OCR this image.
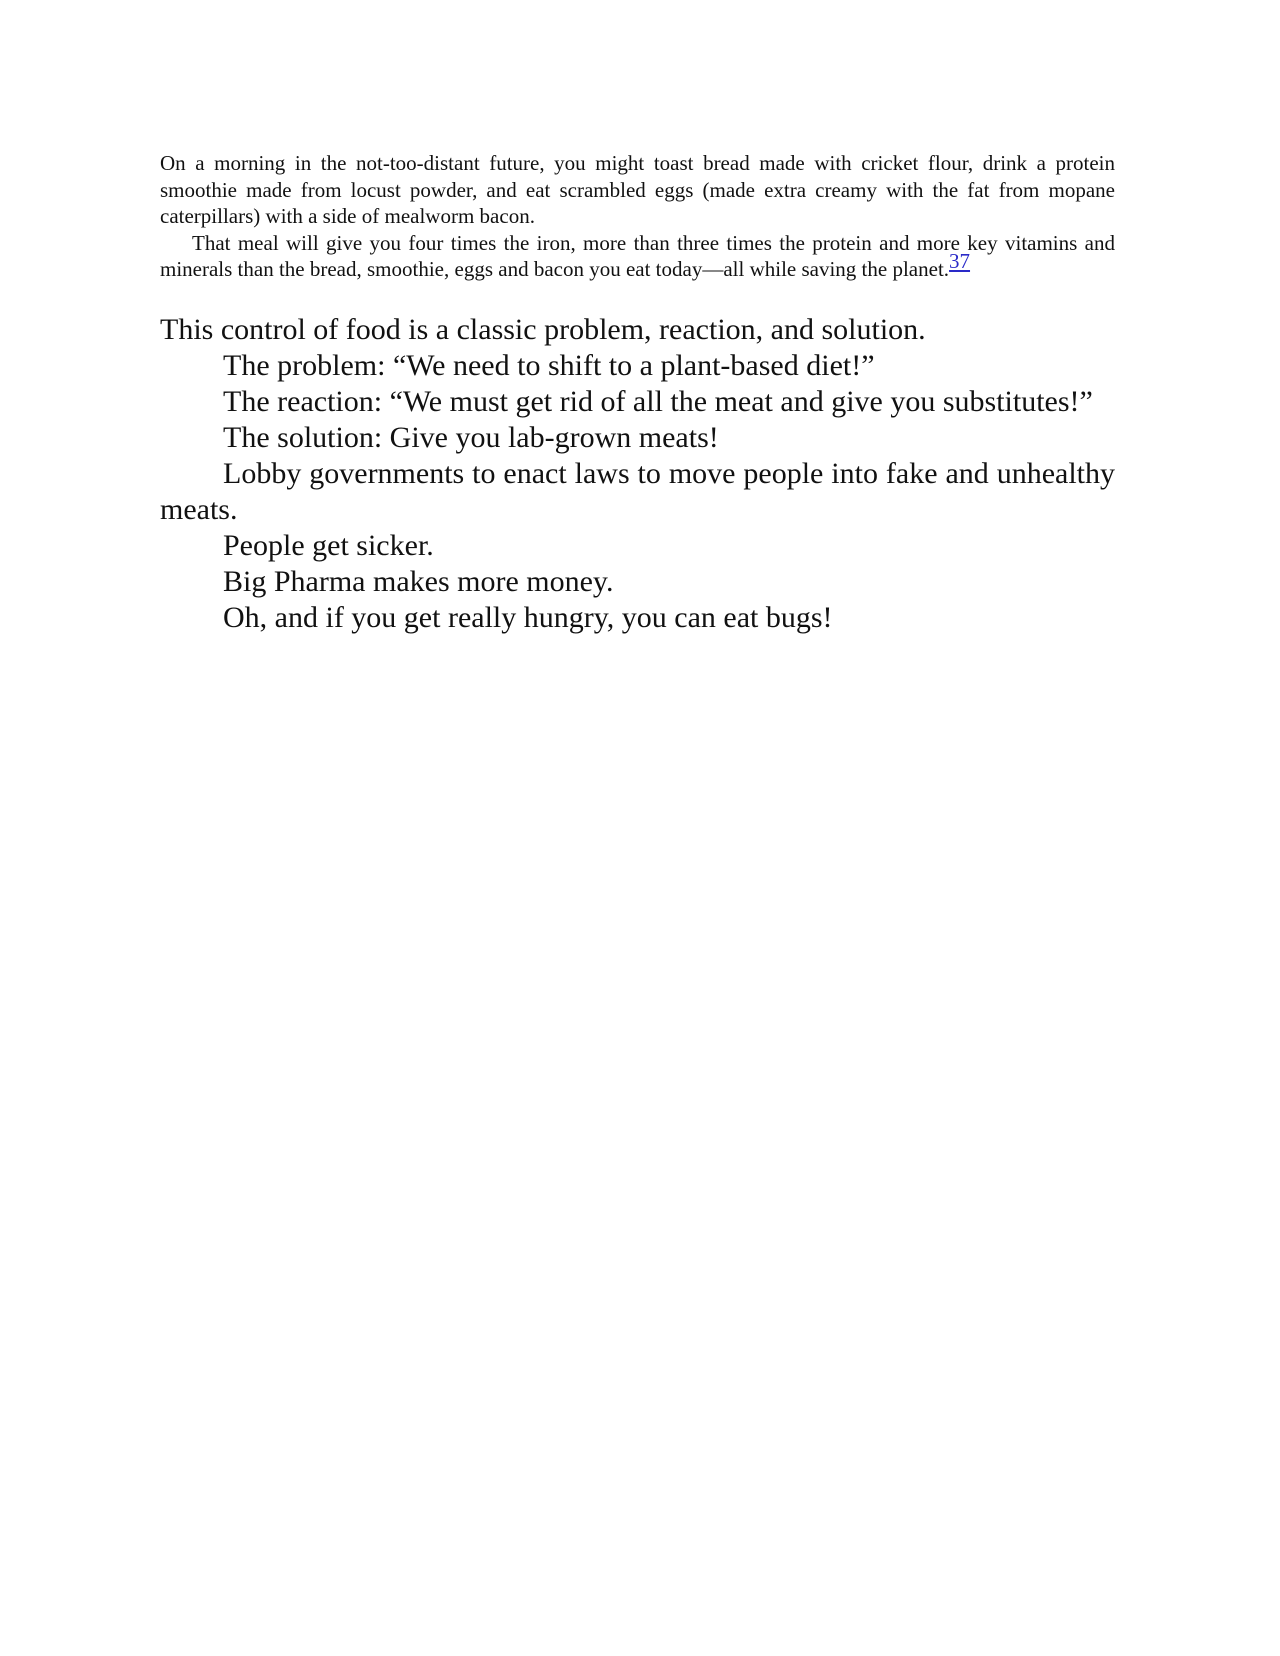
On a morning in the not-too-distant future, you might toast bread made with cricket flour, drink a protein smoothie made from locust powder, and eat scrambled eggs (made extra creamy with the fat from mopane caterpillars) with a side of mealworm bacon.

That meal will give you four times the iron, more than three times the protein and more key vitamins and minerals than the bread, smoothie, eggs and bacon you eat today—all while saving the planet.37

This control of food is a classic problem, reaction, and solution.

The problem: “We need to shift to a plant-based diet!”

The reaction: “We must get rid of all the meat and give you substitutes!”

The solution: Give you lab-grown meats!

Lobby governments to enact laws to move people into fake and unhealthy meats.

People get sicker.

Big Pharma makes more money.

Oh, and if you get really hungry, you can eat bugs!
